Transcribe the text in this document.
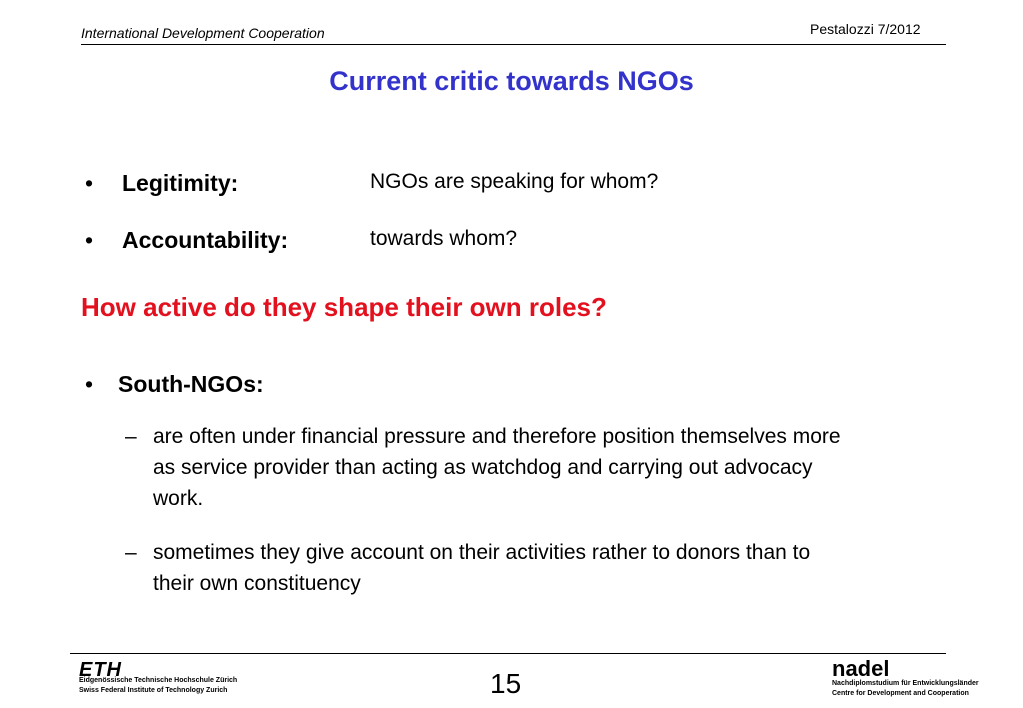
International Development Cooperation	Pestalozzi 7/2012
Current critic towards NGOs
•	Legitimity:	NGOs are speaking for whom?
•	Accountability:	towards whom?
How active do they shape their own roles?
•	South-NGOs:
– are often under financial pressure and therefore position themselves more as service provider than acting as watchdog and carrying out advocacy work.
– sometimes they give account on their activities rather to donors than to their own constituency
ETH
Eidgenössische Technische Hochschule Zürich
Swiss Federal Institute of Technology Zurich	15	nadel
Nachdiplomstudium für Entwicklungsländer
Centre for Development and Cooperation
